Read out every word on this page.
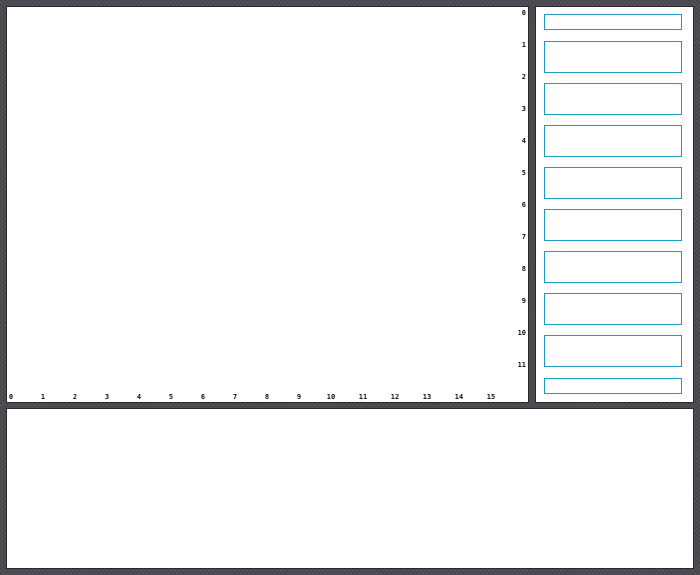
0
1
2
3
4
5
6
7
8
9
10
11
0	1	2	3	4	5	6	7	8	9	10	11	12	13	14	15
